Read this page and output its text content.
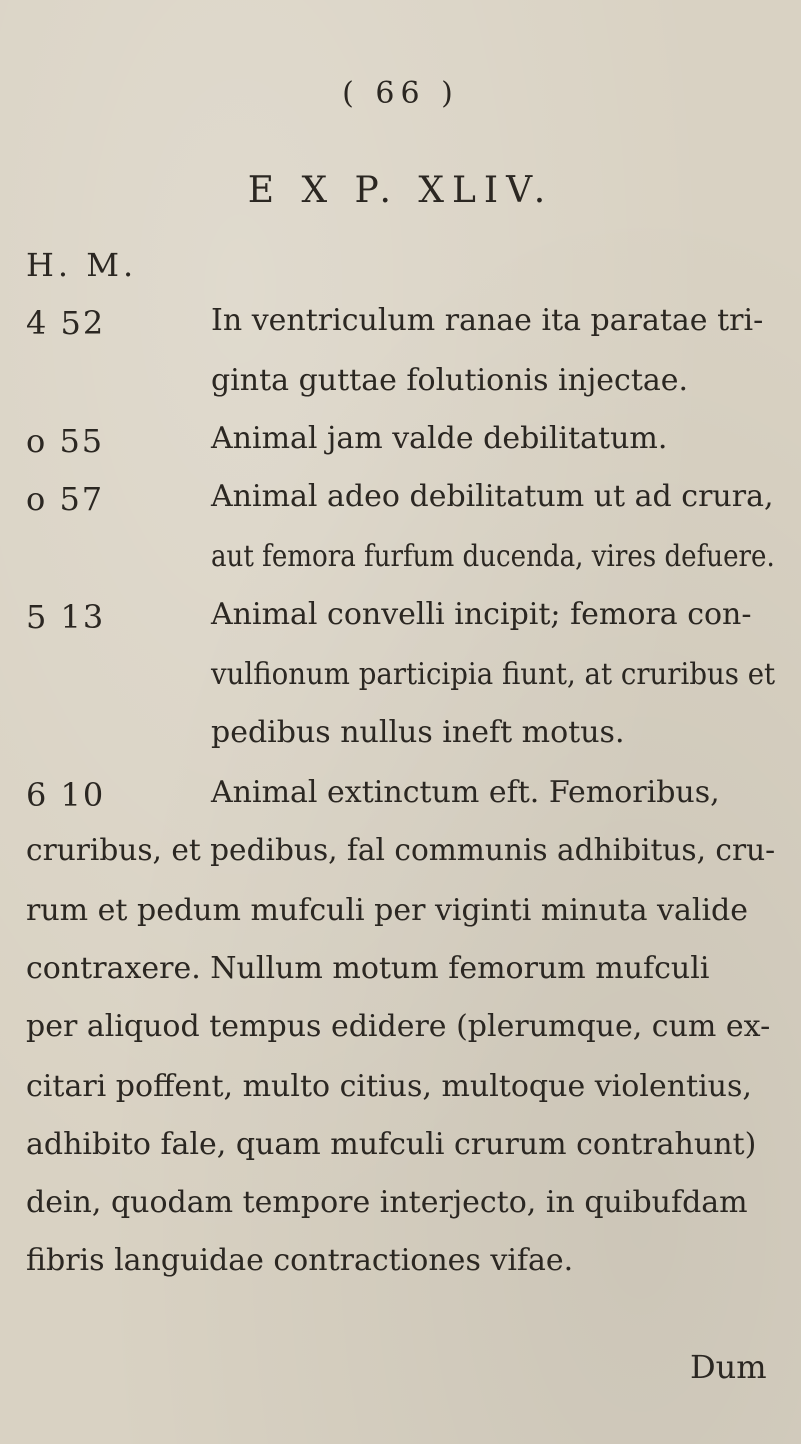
( 66 )
E X P. XLIV.
H. M.
4 52	In ventriculum ranae ita paratae tri-
ginta guttae folutionis injectae.
o 55	Animal jam valde debilitatum.
o 57	Animal adeo debilitatum ut ad crura,
aut femora furfum ducenda, vires defuere.
5 13	Animal convelli incipit; femora con-
vulfionum participia fiunt, at cruribus et
pedibus nullus ineft motus.
6 10	Animal extinctum eft. Femoribus,
cruribus, et pedibus, fal communis adhibitus, cru-
rum et pedum mufculi per viginti minuta valide
contraxere. Nullum motum femorum mufculi
per aliquod tempus edidere (plerumque, cum ex-
citari poffent, multo citius, multoque violentius,
adhibito fale, quam mufculi crurum contrahunt)
dein, quodam tempore interjecto, in quibufdam
fibris languidae contractiones vifae.
Dum
